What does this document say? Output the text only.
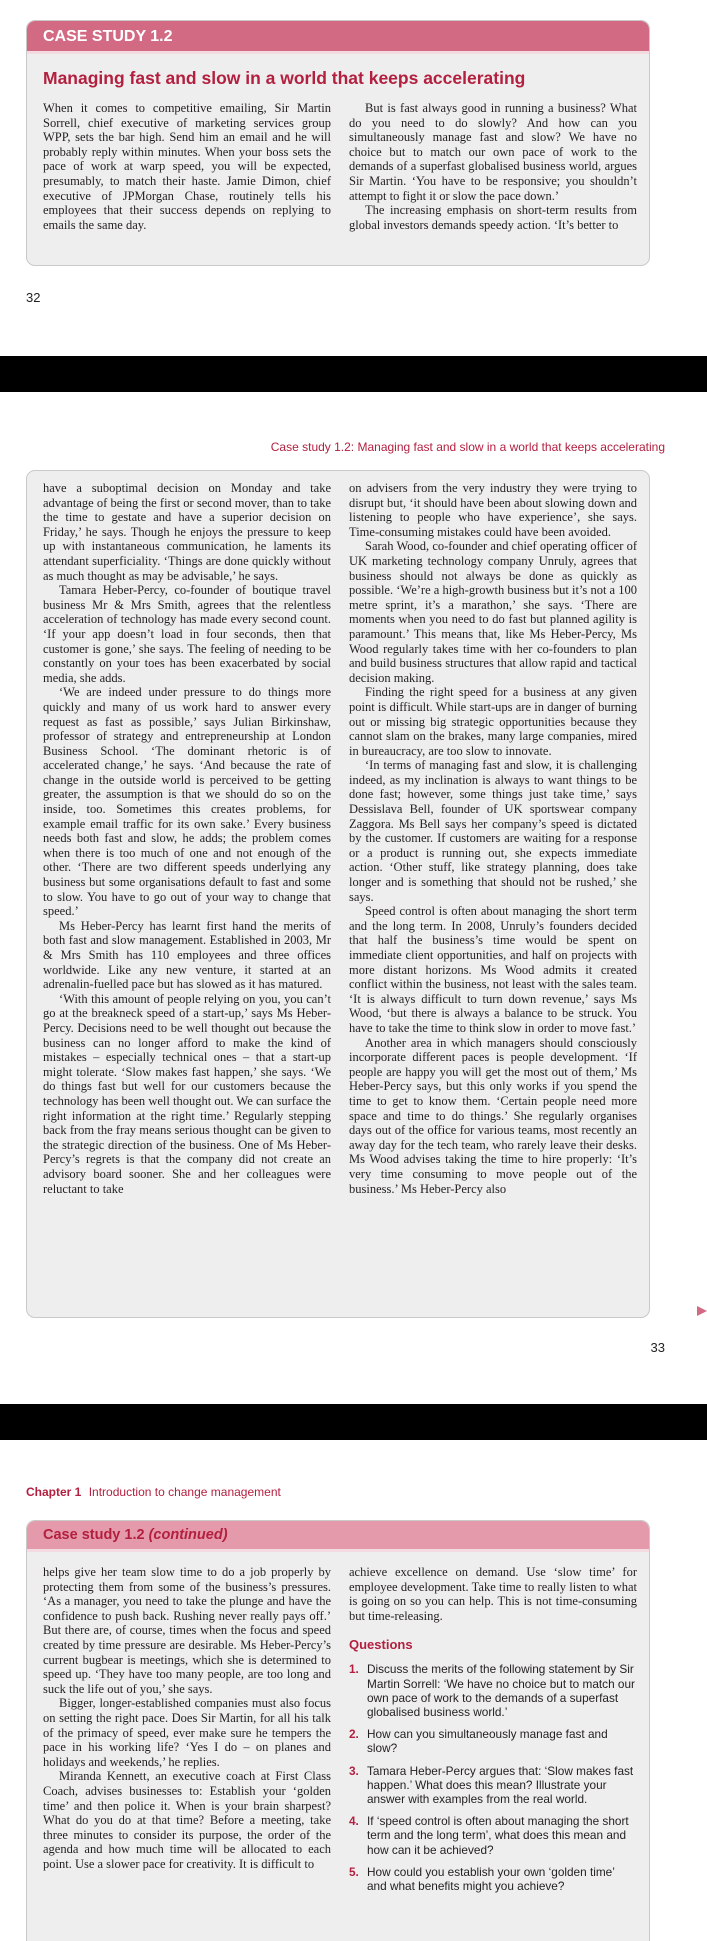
CASE STUDY 1.2
Managing fast and slow in a world that keeps accelerating

When it comes to competitive emailing, Sir Martin Sorrell, chief executive of marketing services group WPP, sets the bar high. Send him an email and he will probably reply within minutes. When your boss sets the pace of work at warp speed, you will be expected, presumably, to match their haste. Jamie Dimon, chief executive of JPMorgan Chase, routinely tells his employees that their success depends on replying to emails the same day.

But is fast always good in running a business? What do you need to do slowly? And how can you simultaneously manage fast and slow? We have no choice but to match our own pace of work to the demands of a superfast globalised business world, argues Sir Martin. ‘You have to be responsive; you shouldn’t attempt to fight it or slow the pace down.’

The increasing emphasis on short-term results from global investors demands speedy action. ‘It’s better to

32
Case study 1.2: Managing fast and slow in a world that keeps accelerating

have a suboptimal decision on Monday and take advantage of being the first or second mover, than to take the time to gestate and have a superior decision on Friday,’ he says. Though he enjoys the pressure to keep up with instantaneous communication, he laments its attendant superficiality. ‘Things are done quickly without as much thought as may be advisable,’ he says.

Tamara Heber-Percy, co-founder of boutique travel business Mr & Mrs Smith, agrees that the relentless acceleration of technology has made every second count. ‘If your app doesn’t load in four seconds, then that customer is gone,’ she says. The feeling of needing to be constantly on your toes has been exacerbated by social media, she adds.

‘We are indeed under pressure to do things more quickly and many of us work hard to answer every request as fast as possible,’ says Julian Birkinshaw, professor of strategy and entrepreneurship at London Business School. ‘The dominant rhetoric is of accelerated change,’ he says. ‘And because the rate of change in the outside world is perceived to be getting greater, the assumption is that we should do so on the inside, too. Sometimes this creates problems, for example email traffic for its own sake.’ Every business needs both fast and slow, he adds; the problem comes when there is too much of one and not enough of the other. ‘There are two different speeds underlying any business but some organisations default to fast and some to slow. You have to go out of your way to change that speed.’

Ms Heber-Percy has learnt first hand the merits of both fast and slow management. Established in 2003, Mr & Mrs Smith has 110 employees and three offices worldwide. Like any new venture, it started at an adrenalin-fuelled pace but has slowed as it has matured.

‘With this amount of people relying on you, you can’t go at the breakneck speed of a start-up,’ says Ms Heber-Percy. Decisions need to be well thought out because the business can no longer afford to make the kind of mistakes – especially technical ones – that a start-up might tolerate. ‘Slow makes fast happen,’ she says. ‘We do things fast but well for our customers because the technology has been well thought out. We can surface the right information at the right time.’ Regularly stepping back from the fray means serious thought can be given to the strategic direction of the business. One of Ms Heber-Percy’s regrets is that the company did not create an advisory board sooner. She and her colleagues were reluctant to take

on advisers from the very industry they were trying to disrupt but, ‘it should have been about slowing down and listening to people who have experience’, she says. Time-consuming mistakes could have been avoided.

Sarah Wood, co-founder and chief operating officer of UK marketing technology company Unruly, agrees that business should not always be done as quickly as possible. ‘We’re a high-growth business but it’s not a 100 metre sprint, it’s a marathon,’ she says. ‘There are moments when you need to do fast but planned agility is paramount.’ This means that, like Ms Heber-Percy, Ms Wood regularly takes time with her co-founders to plan and build business structures that allow rapid and tactical decision making.

Finding the right speed for a business at any given point is difficult. While start-ups are in danger of burning out or missing big strategic opportunities because they cannot slam on the brakes, many large companies, mired in bureaucracy, are too slow to innovate.

‘In terms of managing fast and slow, it is challenging indeed, as my inclination is always to want things to be done fast; however, some things just take time,’ says Dessislava Bell, founder of UK sportswear company Zaggora. Ms Bell says her company’s speed is dictated by the customer. If customers are waiting for a response or a product is running out, she expects immediate action. ‘Other stuff, like strategy planning, does take longer and is something that should not be rushed,’ she says.

Speed control is often about managing the short term and the long term. In 2008, Unruly’s founders decided that half the business’s time would be spent on immediate client opportunities, and half on projects with more distant horizons. Ms Wood admits it created conflict within the business, not least with the sales team. ‘It is always difficult to turn down revenue,’ says Ms Wood, ‘but there is always a balance to be struck. You have to take the time to think slow in order to move fast.’

Another area in which managers should consciously incorporate different paces is people development. ‘If people are happy you will get the most out of them,’ Ms Heber-Percy says, but this only works if you spend the time to get to know them. ‘Certain people need more space and time to do things.’ She regularly organises days out of the office for various teams, most recently an away day for the tech team, who rarely leave their desks. Ms Wood advises taking the time to hire properly: ‘It’s very time consuming to move people out of the business.’ Ms Heber-Percy also

33
Chapter 1 Introduction to change management
Case study 1.2 (continued)

helps give her team slow time to do a job properly by protecting them from some of the business’s pressures. ‘As a manager, you need to take the plunge and have the confidence to push back. Rushing never really pays off.’ But there are, of course, times when the focus and speed created by time pressure are desirable. Ms Heber-Percy’s current bugbear is meetings, which she is determined to speed up. ‘They have too many people, are too long and suck the life out of you,’ she says.

Bigger, longer-established companies must also focus on setting the right pace. Does Sir Martin, for all his talk of the primacy of speed, ever make sure he tempers the pace in his working life? ‘Yes I do – on planes and holidays and weekends,’ he replies.

Miranda Kennett, an executive coach at First Class Coach, advises businesses to: Establish your ‘golden time’ and then police it. When is your brain sharpest? What do you do at that time? Before a meeting, take three minutes to consider its purpose, the order of the agenda and how much time will be allocated to each point. Use a slower pace for creativity. It is difficult to

achieve excellence on demand. Use ‘slow time’ for employee development. Take time to really listen to what is going on so you can help. This is not time-consuming but time-releasing.

Questions
1. Discuss the merits of the following statement by Sir Martin Sorrell: ‘We have no choice but to match our own pace of work to the demands of a superfast globalised business world.’
2. How can you simultaneously manage fast and slow?
3. Tamara Heber-Percy argues that: ‘Slow makes fast happen.’ What does this mean? Illustrate your answer with examples from the real world.
4. If ‘speed control is often about managing the short term and the long term’, what does this mean and how can it be achieved?
5. How could you establish your own ‘golden time’ and what benefits might you achieve?
